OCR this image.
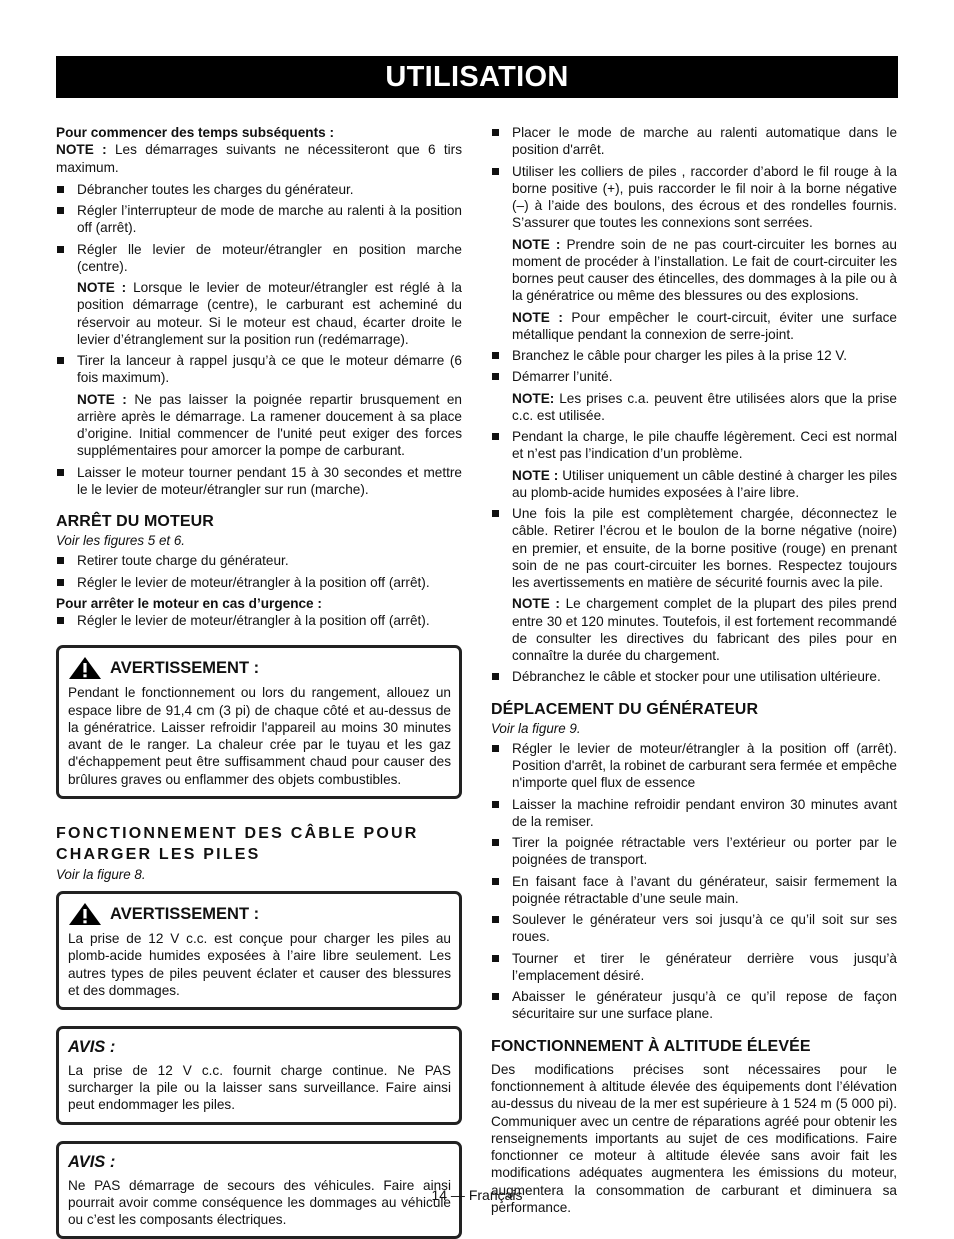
UTILISATION

Pour commencer des temps subséquents :

NOTE : Les démarrages suivants ne nécessiteront que 6 tirs maximum.

Débrancher toutes les charges du générateur.
Régler l’interrupteur de mode de marche au ralenti à la position off (arrêt).
Régler lle levier de moteur/étrangler en position marche (centre).

NOTE : Lorsque le levier de moteur/étrangler est réglé à la position démarrage (centre), le carburant est acheminé du réservoir au moteur. Si le moteur est chaud, écarter droite le levier d’étranglement sur la position run (redémarrage).

Tirer la lanceur à rappel jusqu’à ce que le moteur démarre (6 fois maximum).

NOTE : Ne pas laisser la poignée repartir brusquement en arrière après le démarrage. La ramener doucement à sa place d’origine. Initial commencer de l'unité peut exiger des forces supplémentaires pour amorcer la pompe de carburant.

Laisser le moteur tourner pendant 15 à 30 secondes et mettre le le levier de moteur/étrangler sur run (marche).
ARRÊT DU MOTEUR

Voir les figures 5 et 6.

Retirer toute charge du générateur.
Régler le levier de moteur/étrangler à la position off (arrêt).

Pour arrêter le moteur en cas d’urgence :

Régler le levier de moteur/étrangler à la position off (arrêt).
AVERTISSEMENT :

Pendant le fonctionnement ou lors du rangement, allouez un espace libre de 91,4 cm (3 pi) de chaque côté et au-dessus de la génératrice. Laisser refroidir l'appareil au moins 30 minutes avant de le ranger. La chaleur crée par le tuyau et les gaz d'échappement peut être suffisamment chaud pour causer des brûlures graves ou enflammer des objets combustibles.

FONCTIONNEMENT DES CÂBLE POUR CHARGER LES PILES

Voir la figure 8.

AVERTISSEMENT :

La prise de 12 V c.c. est conçue pour charger les piles au plomb-acide humides exposées à l’aire libre seulement. Les autres types de piles peuvent éclater et causer des blessures et des dommages.

AVIS :

La prise de 12 V c.c. fournit charge continue. Ne PAS surcharger la pile ou la laisser sans surveillance. Faire ainsi peut endommager les piles.

AVIS :

Ne PAS démarrage de secours des véhicules. Faire ainsi pourrait avoir comme conséquence les dommages au véhicule ou c’est les composants électriques.

Placer le mode de marche au ralenti automatique dans le position d'arrêt.
Utiliser les colliers de piles , raccorder d’abord le fil rouge à la borne positive (+), puis raccorder le fil noir à la borne négative (–) à l’aide des boulons, des écrous et des rondelles fournis. S’assurer que toutes les connexions sont serrées.

NOTE : Prendre soin de ne pas court-circuiter les bornes au moment de procéder à l’installation. Le fait de court-circuiter les bornes peut causer des étincelles, des dommages à la pile ou à la génératrice ou même des blessures ou des explosions.

NOTE : Pour empêcher le court-circuit, éviter une surface métallique pendant la connexion de serre-joint.

Branchez le câble pour charger les piles à la prise 12 V.
Démarrer l’unité.

NOTE: Les prises c.a. peuvent être utilisées alors que la prise c.c. est utilisée.

Pendant la charge, le pile chauffe légèrement. Ceci est normal et n’est pas l’indication d’un problème.

NOTE : Utiliser uniquement un câble destiné à charger les piles au plomb-acide humides exposées à l’aire libre.

Une fois la pile est complètement chargée, déconnectez le câble. Retirer l’écrou et le boulon de la borne négative (noire) en premier, et ensuite, de la borne positive (rouge) en prenant soin de ne pas court-circuiter les bornes. Respectez toujours les avertissements en matière de sécurité fournis avec la pile.

NOTE : Le chargement complet de la plupart des piles prend entre 30 et 120 minutes. Toutefois, il est fortement recommandé de consulter les directives du fabricant des piles pour en connaître la durée du chargement.

Débranchez le câble et stocker pour une utilisation ultérieure.
DÉPLACEMENT DU GÉNÉRATEUR

Voir la figure 9.

Régler le levier de moteur/étrangler à la position off (arrêt). Position d'arrêt, la robinet de carburant sera fermée et empêche n'importe quel flux de essence
Laisser la machine refroidir pendant environ 30 minutes avant de la remiser.
Tirer la poignée rétractable vers l’extérieur ou porter par le poignées de transport.
En faisant face à l’avant du générateur, saisir fermement la poignée rétractable d’une seule main.
Soulever le générateur vers soi jusqu’à ce qu’il soit sur ses roues.
Tourner et tirer le générateur derrière vous jusqu’à l’emplacement désiré.
Abaisser le générateur jusqu’à ce qu’il repose de façon sécuritaire sur une surface plane.
FONCTIONNEMENT À ALTITUDE ÉLEVÉE

Des modifications précises sont nécessaires pour le fonctionnement à altitude élevée des équipements dont l’élévation au-dessus du niveau de la mer est supérieure à 1 524 m (5 000 pi). Communiquer avec un centre de réparations agréé pour obtenir les renseignements importants au sujet de ces modifications. Faire fonctionner ce moteur à altitude élevée sans avoir fait les modifications adéquates augmentera les émissions du moteur, augmentera la consommation de carburant et diminuera sa performance.

14 — Français
